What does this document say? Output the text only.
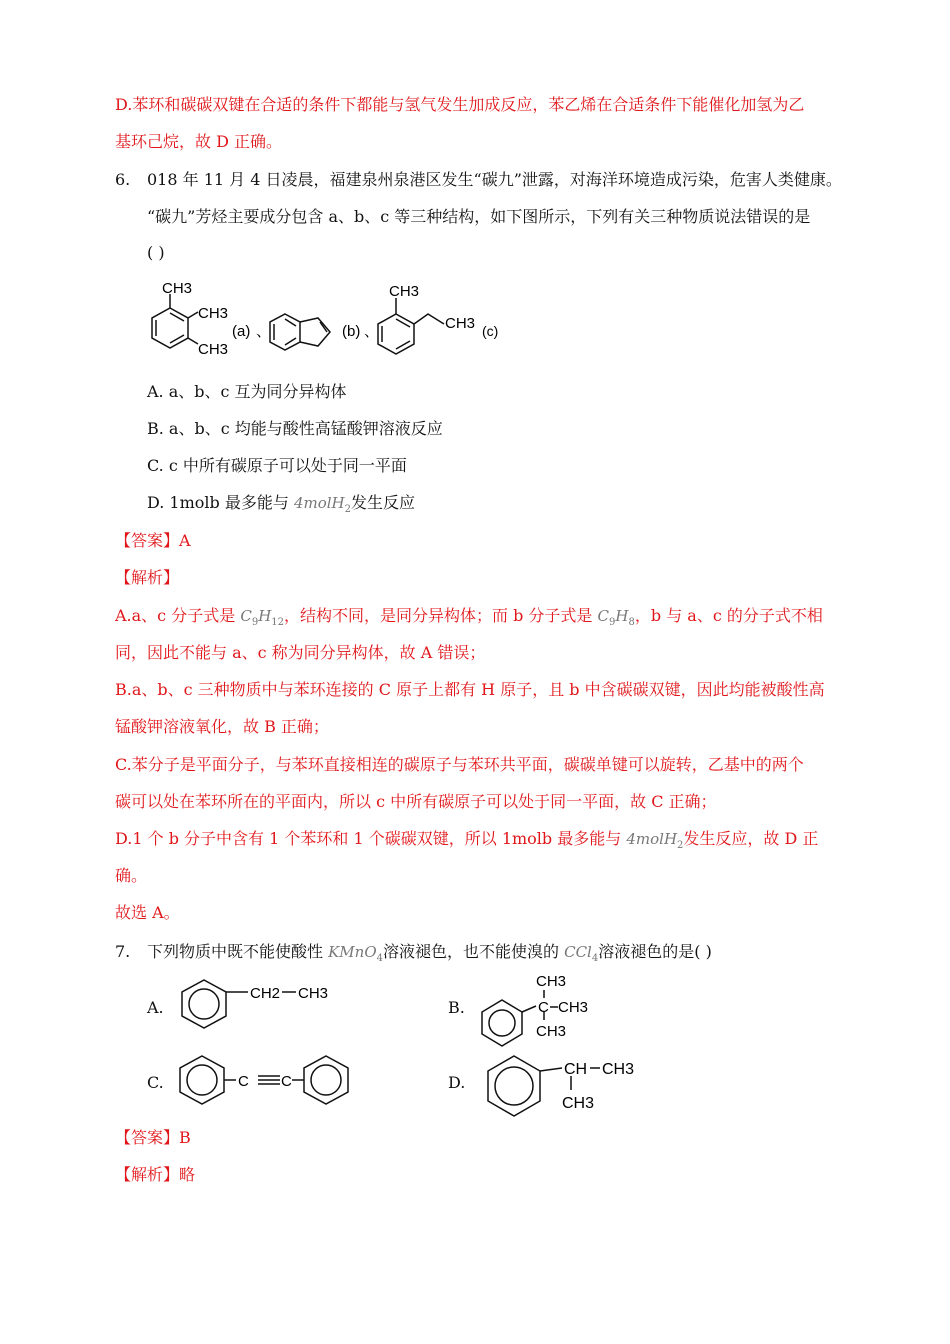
D.苯环和碳碳双键在合适的条件下都能与氢气发生加成反应，苯乙烯在合适条件下能催化加氢为乙
基环己烷，故 D 正确。
6. 018 年 11 月 4 日凌晨，福建泉州泉港区发生“碳九”泄露，对海洋环境造成污染，危害人类健康。
“碳九”芳烃主要成分包含 a、b、c 等三种结构，如下图所示，下列有关三种物质说法错误的是
( )
CH3
CH3
CH3
(a) 、	(b) 、
CH3
CH3 (c)
A. a、b、c 互为同分异构体
B. a、b、c 均能与酸性高锰酸钾溶液反应
C. c 中所有碳原子可以处于同一平面
D. 1molb 最多能与 4molH$_2$发生反应
【答案】A
【解析】
A.a、c 分子式是 $C_9H_{12}$，结构不同，是同分异构体；而 b 分子式是 $C_9H_8$，b 与 a、c 的分子式不相
同，因此不能与 a、c 称为同分异构体，故 A 错误；
B.a、b、c 三种物质中与苯环连接的 C 原子上都有 H 原子，且 b 中含碳碳双键，因此均能被酸性高
锰酸钾溶液氧化，故 B 正确；
C.苯分子是平面分子，与苯环直接相连的碳原子与苯环共平面，碳碳单键可以旋转，乙基中的两个
碳可以处在苯环所在的平面内，所以 c 中所有碳原子可以处于同一平面，故 C 正确；
D.1 个 b 分子中含有 1 个苯环和 1 个碳碳双键，所以 1molb 最多能与 4molH$_2$发生反应，故 D 正
确。
故选 A。
7. 下列物质中既不能使酸性 KMnO$_4$溶液褪色，也不能使溴的 CCl$_4$溶液褪色的是( )
A.
CH2 CH3
B.
CH3
C CH3
CH3
C.	C C	D.
CH CH3
CH3
【答案】B
【解析】略
